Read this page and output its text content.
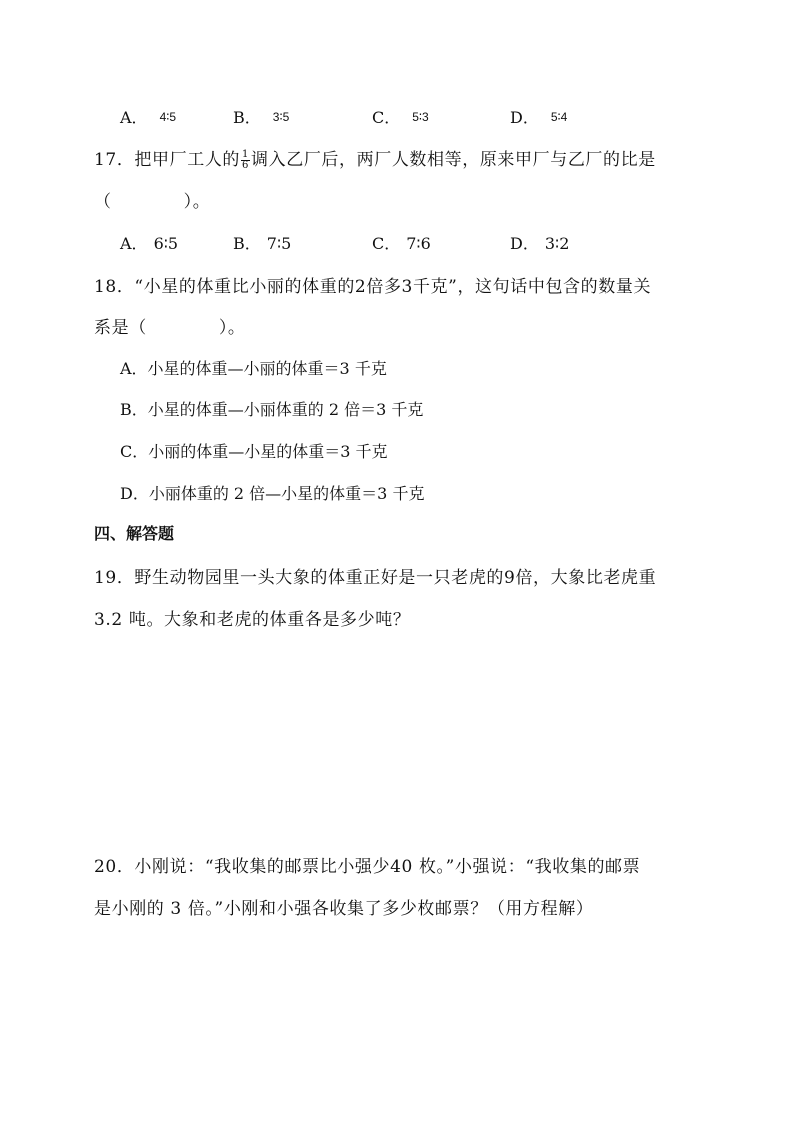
A． 4∶5	B． 3∶5	C． 5∶3	D． 5∶4
17．把甲厂工人的 $\frac{1}{6}$ 调入乙厂后，两厂人数相等，原来甲厂与乙厂的比是
（	）。
A． 6∶5	B． 7∶5	C． 7∶6	D． 3∶2
18．“小星的体重比小丽的体重的2倍多3千克”，这句话中包含的数量关
系是（	）。
A．小星的体重—小丽的体重＝3 千克
B．小星的体重—小丽体重的 2 倍＝3 千克
C．小丽的体重—小星的体重＝3 千克
D．小丽体重的 2 倍—小星的体重＝3 千克
四、解答题
19．野生动物园里一头大象的体重正好是一只老虎的9倍，大象比老虎重
3.2 吨。大象和老虎的体重各是多少吨？
20．小刚说：“我收集的邮票比小强少40 枚。”小强说：“我收集的邮票
是小刚的 3 倍。”小刚和小强各收集了多少枚邮票？（用方程解）
